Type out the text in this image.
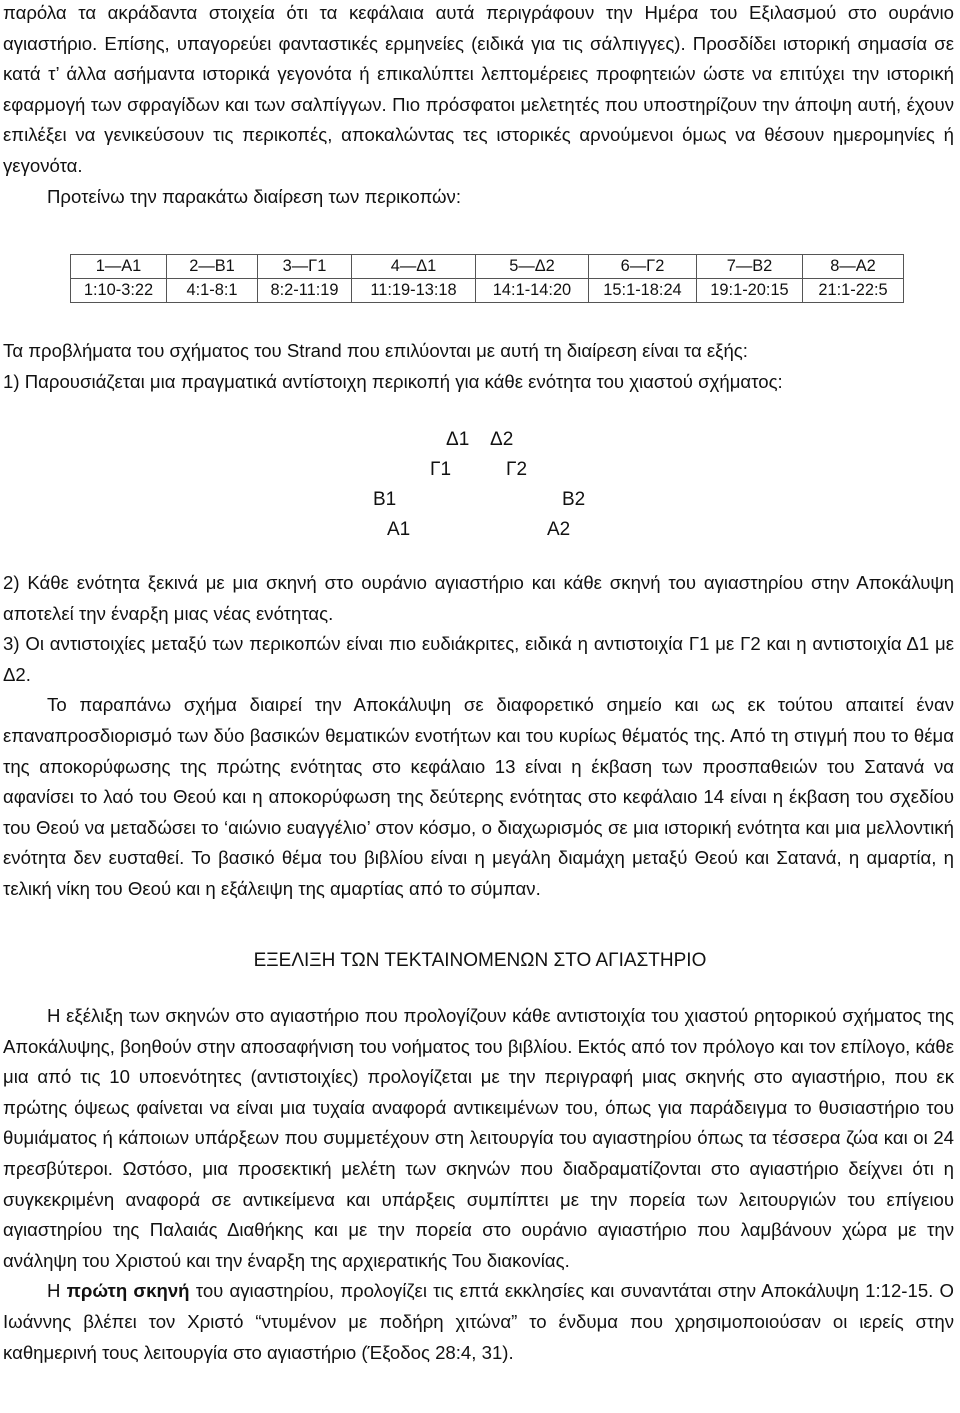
παρόλα τα ακράδαντα στοιχεία ότι τα κεφάλαια αυτά περιγράφουν την Ημέρα του Εξιλασμού στο ουράνιο αγιαστήριο. Επίσης, υπαγορεύει φανταστικές ερμηνείες (ειδικά για τις σάλπιγγες). Προσδίδει ιστορική σημασία σε κατά τ’ άλλα ασήμαντα ιστορικά γεγονότα ή επικαλύπτει λεπτομέρειες προφητειών ώστε να επιτύχει την ιστορική εφαρμογή των σφραγίδων και των σαλπίγγων. Πιο πρόσφατοι μελετητές που υποστηρίζουν την άποψη αυτή, έχουν επιλέξει να γενικεύσουν τις περικοπές, αποκαλώντας τες ιστορικές αρνούμενοι όμως να θέσουν ημερομηνίες ή γεγονότα.

Προτείνω την παρακάτω διαίρεση των περικοπών:

1—Α1	2—Β1	3—Γ1	4—Δ1	5—Δ2	6—Γ2	7—Β2	8—Α2
1:10-3:22	4:1-8:1	8:2-11:19	11:19-13:18	14:1-14:20	15:1-18:24	19:1-20:15	21:1-22:5

Τα προβλήματα του σχήματος του Strand που επιλύονται με αυτή τη διαίρεση είναι τα εξής:

1) Παρουσιάζεται μια πραγματικά αντίστοιχη περικοπή για κάθε ενότητα του χιαστού σχήματος:

Δ1 Δ2
Γ1	Γ2
Β1	Β2
Α1	Α2

2) Κάθε ενότητα ξεκινά με μια σκηνή στο ουράνιο αγιαστήριο και κάθε σκηνή του αγιαστηρίου στην Αποκάλυψη αποτελεί την έναρξη μιας νέας ενότητας.

3) Οι αντιστοιχίες μεταξύ των περικοπών είναι πιο ευδιάκριτες, ειδικά η αντιστοιχία Γ1 με Γ2 και η αντιστοιχία Δ1 με Δ2.

Το παραπάνω σχήμα διαιρεί την Αποκάλυψη σε διαφορετικό σημείο και ως εκ τούτου απαιτεί έναν επαναπροσδιορισμό των δύο βασικών θεματικών ενοτήτων και του κυρίως θέματός της. Από τη στιγμή που το θέμα της αποκορύφωσης της πρώτης ενότητας στο κεφάλαιο 13 είναι η έκβαση των προσπαθειών του Σατανά να αφανίσει το λαό του Θεού και η αποκορύφωση της δεύτερης ενότητας στο κεφάλαιο 14 είναι η έκβαση του σχεδίου του Θεού να μεταδώσει το ‘αιώνιο ευαγγέλιο’ στον κόσμο, ο διαχωρισμός σε μια ιστορική ενότητα και μια μελλοντική ενότητα δεν ευσταθεί. Το βασικό θέμα του βιβλίου είναι η μεγάλη διαμάχη μεταξύ Θεού και Σατανά, η αμαρτία, η τελική νίκη του Θεού και η εξάλειψη της αμαρτίας από το σύμπαν.

ΕΞΕΛΙΞΗ ΤΩΝ ΤΕΚΤΑΙΝΟΜΕΝΩΝ ΣΤΟ ΑΓΙΑΣΤΗΡΙΟ

Η εξέλιξη των σκηνών στο αγιαστήριο που προλογίζουν κάθε αντιστοιχία του χιαστού ρητορικού σχήματος της Αποκάλυψης, βοηθούν στην αποσαφήνιση του νοήματος του βιβλίου. Εκτός από τον πρόλογο και τον επίλογο, κάθε μια από τις 10 υποενότητες (αντιστοιχίες) προλογίζεται με την περιγραφή μιας σκηνής στο αγιαστήριο, που εκ πρώτης όψεως φαίνεται να είναι μια τυχαία αναφορά αντικειμένων του, όπως για παράδειγμα το θυσιαστήριο του θυμιάματος ή κάποιων υπάρξεων που συμμετέχουν στη λειτουργία του αγιαστηρίου όπως τα τέσσερα ζώα και οι 24 πρεσβύτεροι. Ωστόσο, μια προσεκτική μελέτη των σκηνών που διαδραματίζονται στο αγιαστήριο δείχνει ότι η συγκεκριμένη αναφορά σε αντικείμενα και υπάρξεις συμπίπτει με την πορεία των λειτουργιών του επίγειου αγιαστηρίου της Παλαιάς Διαθήκης και με την πορεία στο ουράνιο αγιαστήριο που λαμβάνουν χώρα με την ανάληψη του Χριστού και την έναρξη της αρχιερατικής Του διακονίας.

Η πρώτη σκηνή του αγιαστηρίου, προλογίζει τις επτά εκκλησίες και συναντάται στην Αποκάλυψη 1:12-15. Ο Ιωάννης βλέπει τον Χριστό “ντυμένον με ποδήρη χιτώνα” το ένδυμα που χρησιμοποιούσαν οι ιερείς στην καθημερινή τους λειτουργία στο αγιαστήριο (Έξοδος 28:4, 31).
